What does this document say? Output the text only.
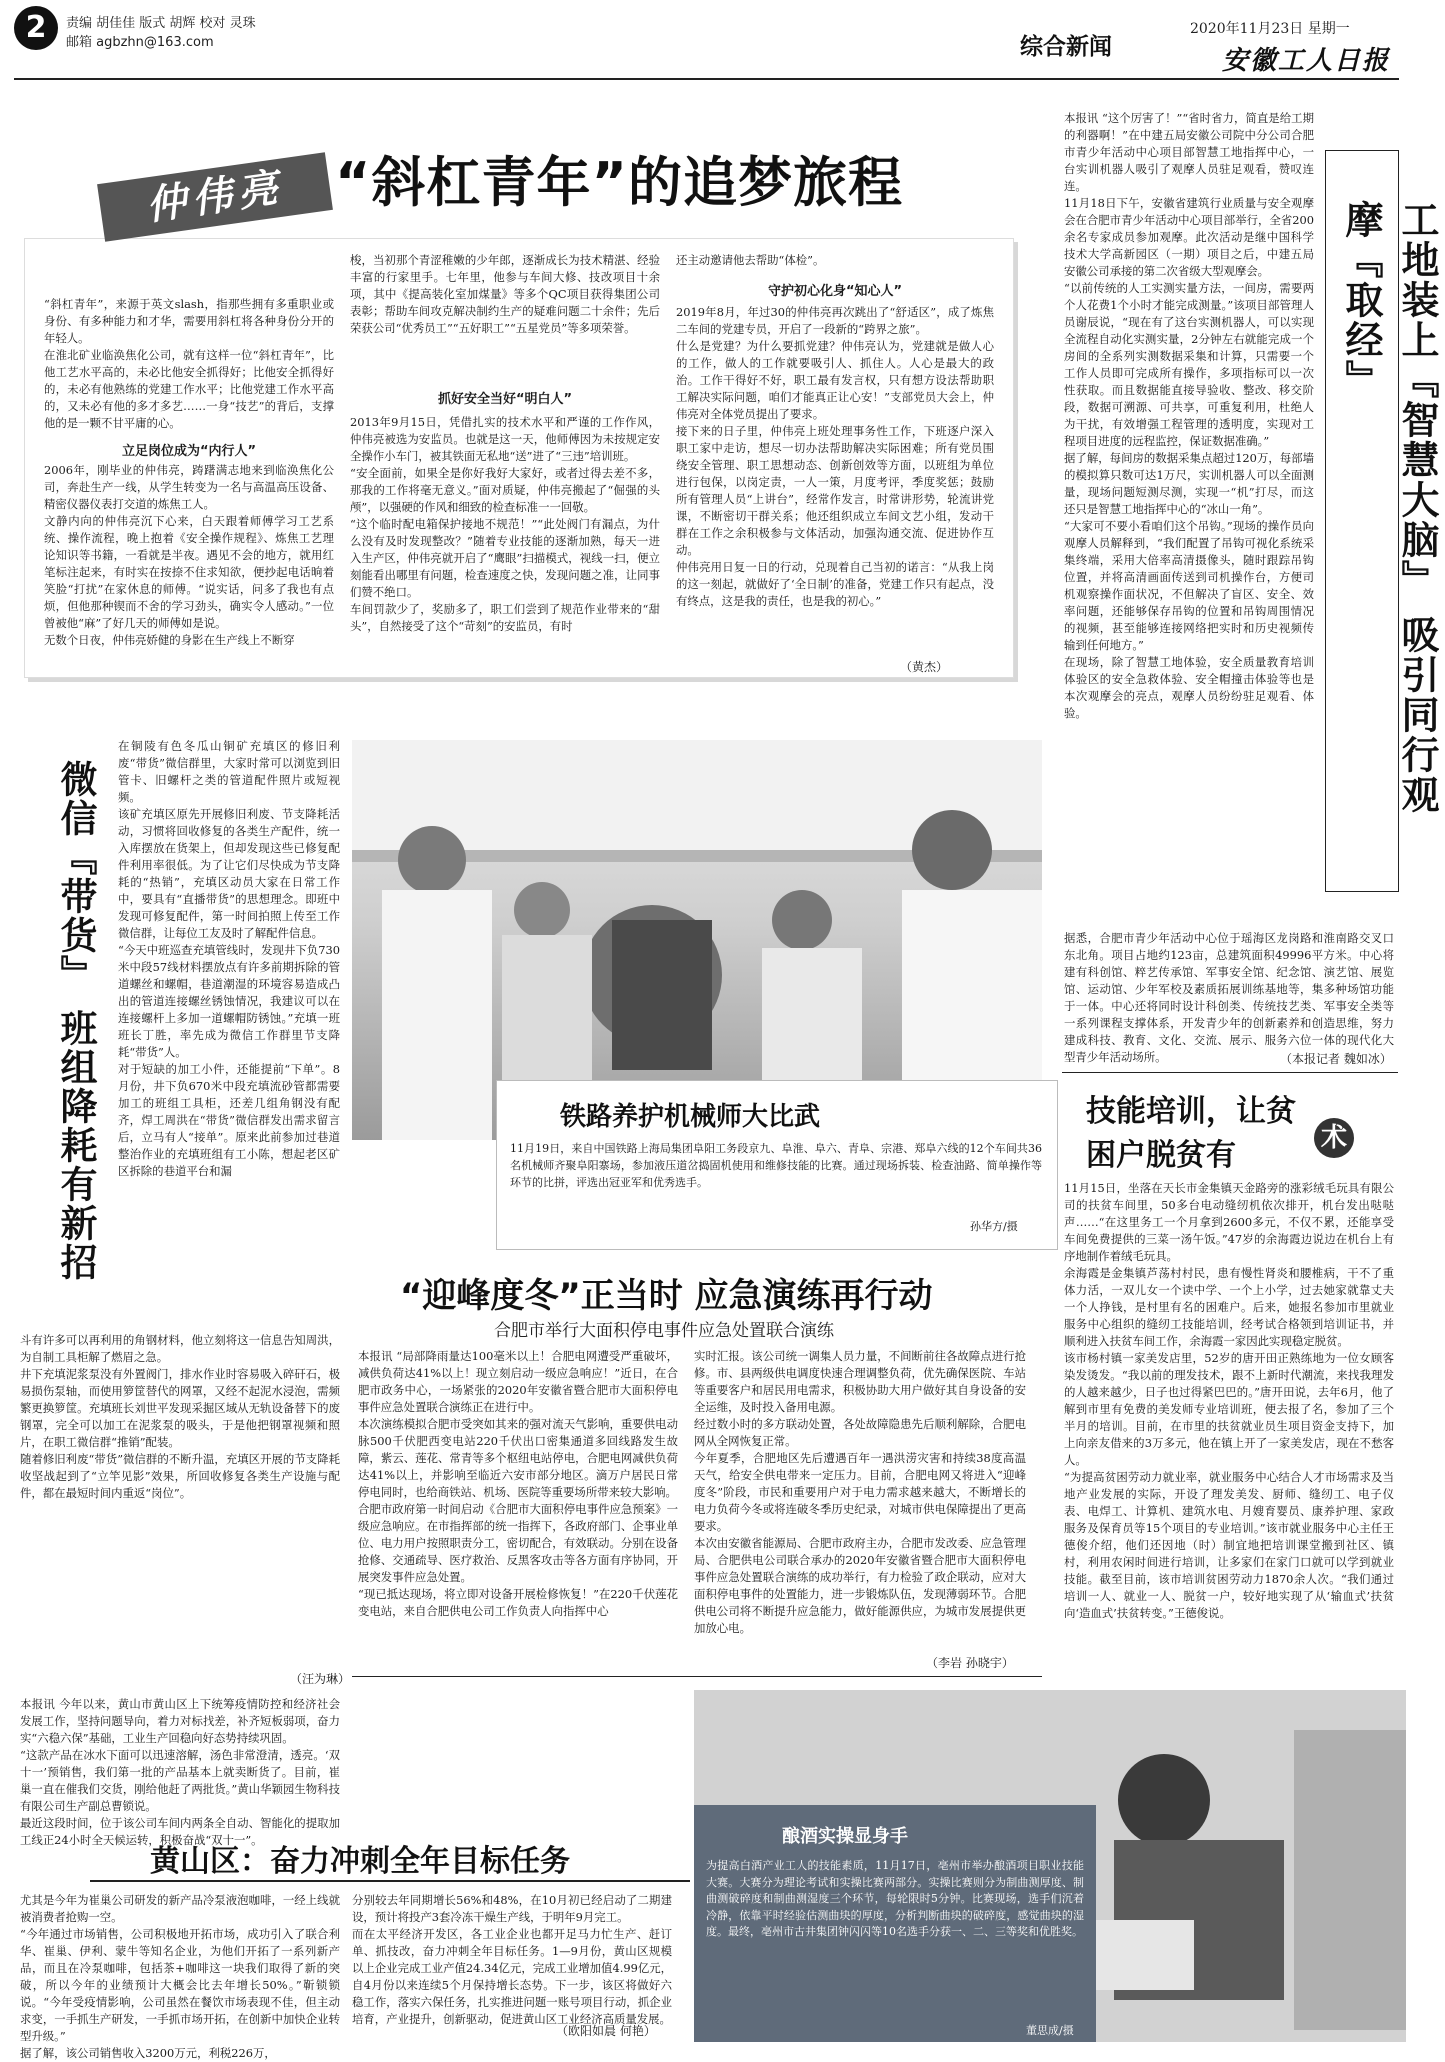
2	责编 胡佳佳 版式 胡辉 校对 灵珠
邮箱 agbzhn@163.com	综合新闻
2020年11月23日 星期一
安徽工人日报
仲伟亮 “斜杠青年”的追梦旅程
“斜杠青年”，来源于英文slash，指那些拥有多重职业或身份、有多种能力和才华，需要用斜杠将各种身份分开的年轻人。
在淮北矿业临涣焦化公司，就有这样一位“斜杠青年”，比他工艺水平高的，未必比他安全抓得好；比他安全抓得好的，未必有他熟练的党建工作水平；比他党建工作水平高的，又未必有他的多才多艺……一身“技艺”的背后，支撑他的是一颗不甘平庸的心。
立足岗位成为“内行人”
2006年，刚毕业的仲伟亮，踌躇满志地来到临涣焦化公司，奔赴生产一线，从学生转变为一名与高温高压设备、精密仪器仪表打交道的炼焦工人。
文静内向的仲伟亮沉下心来，白天跟着师傅学习工艺系统、操作流程，晚上抱着《安全操作规程》、炼焦工艺理论知识等书籍，一看就是半夜。遇见不会的地方，就用红笔标注起来，有时实在按捺不住求知欲，便抄起电话晌着笑脸“打扰”在家休息的师傅。“说实话，问多了我也有点烦，但他那种锲而不舍的学习劲头，确实令人感动。”一位曾被他“麻”了好几天的师傅如是说。
无数个日夜，仲伟亮娇健的身影在生产线上不断穿
梭，当初那个青涩稚嫩的少年郎，逐渐成长为技术精湛、经验丰富的行家里手。七年里，他参与车间大修、技改项目十余项，其中《提高装化室加煤量》等多个QC项目获得集团公司表彰；帮助车间攻克解决制约生产的疑难问题二十余件；先后荣获公司“优秀员工”“五好职工”“五星党员”等多项荣誉。
抓好安全当好“明白人”
2013年9月15日，凭借扎实的技术水平和严谨的工作作风，仲伟亮被选为安监员。也就是这一天，他师傅因为未按规定安全操作小车门，被其铁面无私地“送”进了“三违”培训班。
“安全面前，如果全是你好我好大家好，或者过得去差不多，那我的工作将毫无意义。”面对质疑，仲伟亮搬起了“倔强的头颅”，以强硬的作风和细致的检查标准一一回敬。
“这个临时配电箱保护接地不规范！”“此处阀门有漏点，为什么没有及时发现整改？”随着专业技能的逐渐加熟，每天一进入生产区，仲伟亮就开启了“鹰眼”扫描模式，视线一扫，便立刻能看出哪里有问题，检查速度之快，发现问题之准，让同事们赞不绝口。
车间罚款少了，奖励多了，职工们尝到了规范作业带来的“甜头”，自然接受了这个“苛刻”的安监员，有时
还主动邀请他去帮助“体检”。
守护初心化身“知心人”
2019年8月，年过30的仲伟亮再次跳出了“舒适区”，成了炼焦二车间的党建专员，开启了一段新的“跨界之旅”。
什么是党建？为什么要抓党建？仲伟亮认为，党建就是做人心的工作，做人的工作就要吸引人、抓住人。人心是最大的政治。工作干得好不好，职工最有发言权，只有想方设法帮助职工解决实际问题，咱们才能真正让心安！”支部党员大会上，仲伟亮对全体党员提出了要求。
接下来的日子里，仲伟亮上班处理事务性工作，下班逐户深入职工家中走访，想尽一切办法帮助解决实际困难；所有党员围绕安全管理、职工思想动态、创新创效等方面，以班组为单位进行包保，以岗定责，一人一策，月度考评，季度奖惩；鼓励所有管理人员“上讲台”，经常作发言，时常讲形势，轮流讲党课，不断密切干群关系；他还组织成立车间文艺小组，发动干群在工作之余积极参与文体活动，加强沟通交流、促进协作互动。
仲伟亮用日复一日的行动，兑现着自己当初的诺言：“从我上岗的这一刻起，就做好了‘全日制’的准备，党建工作只有起点，没有终点，这是我的责任，也是我的初心。”
（黄杰）	工地装上『智慧大脑』 吸引同行观摩『取经』
本报讯 “这个厉害了！”“省时省力，简直是给工期的利器啊！”在中建五局安徽公司院中分公司合肥市青少年活动中心项目部智慧工地指挥中心，一台实训机器人吸引了观摩人员驻足观看，赞叹连连。
11月18日下午，安徽省建筑行业质量与安全观摩会在合肥市青少年活动中心项目部举行，全省200余名专家成员参加观摩。此次活动是继中国科学技术大学高新园区（一期）项目之后，中建五局安徽公司承接的第二次省级大型观摩会。
“以前传统的人工实测实量方法，一间房，需要两个人花费1个小时才能完成测量。”该项目部管理人员谢辰说，“现在有了这台实测机器人，可以实现全流程自动化实测实量，2分钟左右就能完成一个房间的全系列实测数据采集和计算，只需要一个工作人员即可完成所有操作，多项指标可以一次性获取。而且数据能直接导验收、整改、移交阶段，数据可溯源、可共享，可重复利用，杜绝人为干扰，有效增强工程管理的透明度，实现对工程项目进度的远程监控，保证数据准确。”
据了解，每间房的数据采集点超过120万，每部墙的模拟算只数可达1万尺，实训机器人可以全面测量，现场问题短测尽测，实现一“机”打尽，而这还只是智慧工地指挥中心的“冰山一角”。
“大家可不要小看咱们这个吊钩。”现场的操作员向观摩人员解释到，“我们配置了吊钩可视化系统采集终端，采用大倍率高清摄像头，随时跟踪吊钩位置，并将高清画面传送到司机操作台，方便司机观察操作面状况，不但解决了盲区、安全、效率问题，还能够保存吊钩的位置和吊钩周围情况的视频，甚至能够连接网络把实时和历史视频传输到任何地方。”
在现场，除了智慧工地体验，安全质量教育培训体验区的安全急救体验、安全帽撞击体验等也是本次观摩会的亮点，观摩人员纷纷驻足观看、体验。
据悉，合肥市青少年活动中心位于瑶海区龙岗路和淮南路交叉口东北角。项目占地约123亩，总建筑面积49996平方米。中心将建有科创馆、粹艺传承馆、军事安全馆、纪念馆、演艺馆、展览馆、运动馆、少年军校及素质拓展训练基地等，集多种场馆功能于一体。中心还将同时设计科创类、传统技艺类、军事安全类等一系列课程支撑体系，开发青少年的创新素养和创造思维，努力建成科技、教育、文化、交流、展示、服务六位一体的现代化大型青少年活动场所。	（本报记者 魏如冰）
微信『带货』 班组降耗有新招
在铜陵有色冬瓜山铜矿充填区的修旧利废“带货”微信群里，大家时常可以浏览到旧管卡、旧螺杆之类的管道配件照片或短视频。
该矿充填区原先开展修旧利废、节支降耗活动，习惯将回收修复的各类生产配件，统一入库摆放在货架上，但却发现这些已修复配件利用率很低。为了让它们尽快成为节支降耗的“热销”，充填区动员大家在日常工作中，要具有“直播带货”的思想理念。即班中发现可修复配件，第一时间拍照上传至工作微信群，让每位工友及时了解配件信息。
“今天中班巡查充填管线时，发现井下负730米中段57线材料摆放点有许多前期拆除的管道螺丝和螺帽，巷道潮湿的环境容易造成凸出的管道连接螺丝锈蚀情况，我建议可以在连接螺杆上多加一道螺帽防锈蚀。”充填一班班长丁胜，率先成为微信工作群里节支降耗“带货”人。
对于短缺的加工小件，还能提前“下单”。8月份，井下负670米中段充填流砂管都需要加工的班组工具柜，还差几组角钢没有配齐，焊工周洪在“带货”微信群发出需求留言后，立马有人“接单”。原来此前参加过巷道整治作业的充填班组有工小陈，想起老区矿区拆除的巷道平台和漏
斗有许多可以再利用的角钢材料，他立刻将这一信息告知周洪，为自制工具柜解了燃眉之急。
井下充填泥浆泵没有外置阀门，排水作业时容易吸入碎矸石，极易损伤泵轴，而使用箩筐替代的网罩，又经不起泥水浸泡，需频繁更换箩筐。充填班长刘世平发现采掘区域从无轨设备替下的废钢罩，完全可以加工在泥浆泵的吸头，于是他把钢罩视频和照片，在职工微信群“推销”配装。
随着修旧利废“带货”微信群的不断升温，充填区开展的节支降耗收坚战起到了“立竿见影”效果，所回收修复各类生产设施与配件，都在最短时间内重返“岗位”。
（汪为琳）
铁路养护机械师大比武
11月19日，来自中国铁路上海局集团阜阳工务段京九、阜淮、阜六、青阜、宗港、郑阜六线的12个车间共36名机械师齐聚阜阳寨场，参加液压道岔捣固机使用和维修技能的比赛。通过现场拆装、检查油路、简单操作等环节的比拼，评选出冠亚军和优秀选手。
孙华方/摄
“迎峰度冬”正当时 应急演练再行动
合肥市举行大面积停电事件应急处置联合演练
本报讯 “局部降雨量达100毫米以上！合肥电网遭受严重破坏，减供负荷达41%以上！现立刻启动一级应急响应！”近日，在合肥市政务中心，一场紧张的2020年安徽省暨合肥市大面积停电事件应急处置联合演练正在进行中。
本次演练模拟合肥市受突如其来的强对流天气影响，重要供电动脉500千伏肥西变电站220千伏出口密集通道多回线路发生故障，紫云、莲花、常青等多个枢纽电站停电，合肥电网减供负荷达41%以上，并影响至临近六安市部分地区。滴万户居民日常停电同时，也给商铁站、机场、医院等重要场所带来较大影响。
合肥市政府第一时间启动《合肥市大面积停电事件应急预案》一级应急响应。在市指挥部的统一指挥下，各政府部门、企事业单位、电力用户按照职责分工，密切配合，有效联动。分别在设备抢修、交通疏导、医疗救治、反黑客攻击等各方面有序协同，开展突发事件应急处置。
“现已抵达现场，将立即对设备开展检修恢复！”在220千伏莲花变电站，来自合肥供电公司工作负责人向指挥中心
实时汇报。该公司统一调集人员力量，不间断前往各故障点进行抢修。市、县两级供电调度快速合理调整负荷，优先确保医院、车站等重要客户和居民用电需求，积极协助大用户做好其自身设备的安全运维，及时投入备用电源。
经过数小时的多方联动处置，各处故障隐患先后顺利解除，合肥电网从全网恢复正常。
今年夏季，合肥地区先后遭遇百年一遇洪涝灾害和持续38度高温天气，给安全供电带来一定压力。目前，合肥电网又将进入“迎峰度冬”阶段，市民和重要用户对于电力需求越来越大，不断增长的电力负荷今冬或将连破冬季历史纪录，对城市供电保障提出了更高要求。
本次由安徽省能源局、合肥市政府主办，合肥市发改委、应急管理局、合肥供电公司联合承办的2020年安徽省暨合肥市大面积停电事件应急处置联合演练的成功举行，有力检验了政企联动，应对大面积停电事件的处置能力，进一步锻炼队伍，发现薄弱环节。合肥供电公司将不断提升应急能力，做好能源供应，为城市发展提供更加放心电。
（李岩 孙晓宇）
技能培训，让贫困户脱贫有	术
11月15日，坐落在天长市金集镇天金路旁的涨彩绒毛玩具有限公司的扶贫车间里，50多台电动缝纫机依次排开，机台发出哒哒声……“在这里务工一个月拿到2600多元，不仅不累，还能享受车间免费提供的三菜一汤午饭。”47岁的余海霞边说边在机台上有序地制作着绒毛玩具。
余海霞是金集镇芦荡村村民，患有慢性肾炎和腰椎病，干不了重体力活，一双儿女一个读中学、一个上小学，过去她家就靠丈夫一个人挣钱，是村里有名的困难户。后来，她报名参加市里就业服务中心组织的缝纫工技能培训，经考试合格领到培训证书，并顺利进入扶贫车间工作，余海霞一家因此实现稳定脱贫。
该市杨村镇一家美发店里，52岁的唐开田正熟练地为一位女顾客染发烫发。“我以前的理发技术，跟不上新时代潮流，来找我理发的人越来越少，日子也过得紧巴巴的。”唐开田说，去年6月，他了解到市里有免费的美发师专业培训班，便去报了名，参加了三个半月的培训。目前，在市里的扶贫就业员生项目资金支持下，加上向亲友借来的3万多元，他在镇上开了一家美发店，现在不愁客人。
“为提高贫困劳动力就业率，就业服务中心结合人才市场需求及当地产业发展的实际，开设了理发美发、厨师、缝纫工、电子仪表、电焊工、计算机、建筑水电、月嫂育婴员、康养护理、家政服务及保育员等15个项目的专业培训。”该市就业服务中心主任王德俊介绍，他们还因地（时）制宜地把培训课堂搬到社区、镇村，利用农闲时间进行培训，让多家们在家门口就可以学到就业技能。截至目前，该市培训贫困劳动力1870余人次。“我们通过培训一人、就业一人、脱贫一户，较好地实现了从‘输血式’扶贫向‘造血式’扶贫转变。”王德俊说。
本报讯 今年以来，黄山市黄山区上下统筹疫情防控和经济社会发展工作，坚持问题导向，着力对标找差，补齐短板弱项，奋力实“六稳六保”基础，工业生产回稳向好态势持续巩固。
“这款产品在冰水下面可以迅速溶解，汤色非常澄清，透亮。‘双十一’预销售，我们第一批的产品基本上就卖断货了。目前，崔巢一直在催我们交货，刚给他赶了两批货。”黄山华颖园生物科技有限公司生产副总曹锁说。
最近这段时间，位于该公司车间内两条全自动、智能化的提取加工线正24小时全天候运转，积极奋战“双十一”。
黄山区：奋力冲刺全年目标任务
尤其是今年为崔巢公司研发的新产品冷泵液泡咖啡，一经上线就被消费者抢购一空。
“今年通过市场销售，公司积极地开拓市场，成功引入了联合利华、崔巢、伊利、蒙牛等知名企业，为他们开拓了一系列新产品，而且在冷泵咖啡，包括茶+咖啡这一块我们取得了新的突破，所以今年的业绩预计大概会比去年增长50%。”靳锁锁说。“今年受疫情影响，公司虽然在餐饮市场表现不佳，但主动求变，一手抓生产研发，一手抓市场开拓，在创新中加快企业转型升级。”
据了解，该公司销售收入3200万元，利税226万，
分别较去年同期增长56%和48%，在10月初已经启动了二期建设，预计将投产3套冷冻干燥生产线，于明年9月完工。
而在太平经济开发区，各工业企业也都开足马力忙生产、赶订单、抓技改，奋力冲刺全年目标任务。1—9月份，黄山区规模以上企业完成工业产值24.34亿元，完成工业增加值4.99亿元，自4月份以来连续5个月保持增长态势。下一步，该区将做好六稳工作，落实六保任务，扎实推进问题一账号项目行动，抓企业培育，产业提升，创新驱动，促进黄山区工业经济高质量发展。
（欧阳如晨 何艳）
酿酒实操显身手
为提高白酒产业工人的技能素质，11月17日，亳州市举办酿酒项目职业技能大赛。大赛分为理论考试和实操比赛两部分。实操比赛则分为制曲测厚度、制曲测破碎度和制曲测湿度三个环节，每轮限时5分钟。比赛现场，选手们沉着冷静，依靠平时经验估测曲块的厚度，分析判断曲块的破碎度，感觉曲块的湿度。最终，亳州市古井集团钟闪闪等10名选手分获一、二、三等奖和优胜奖。
董思成/摄
